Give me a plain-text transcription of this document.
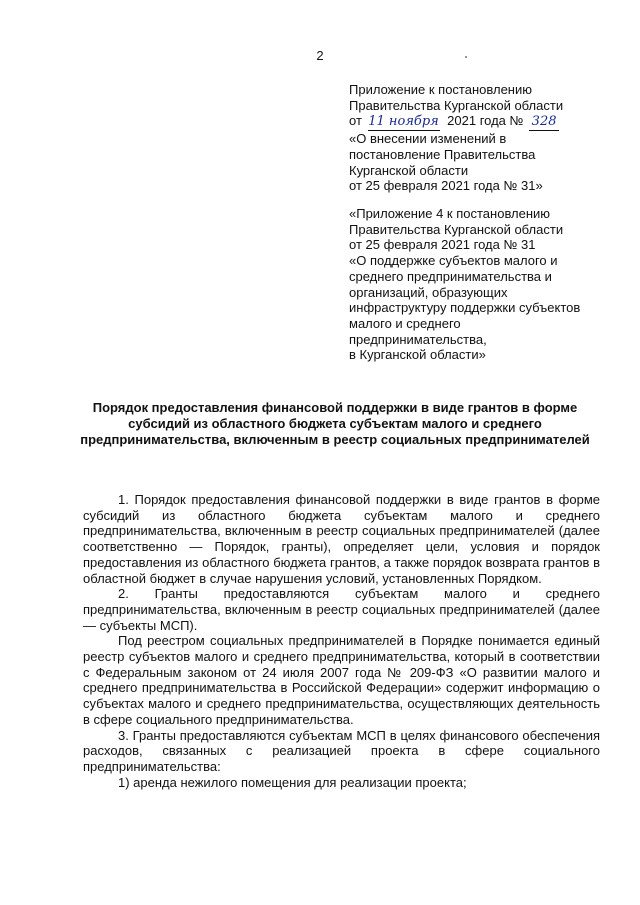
2
Приложение к постановлению
Правительства Курганской области
от 11 ноября 2021 года № 328
«О внесении изменений в
постановление Правительства
Курганской области
от 25 февраля 2021 года № 31»
«Приложение 4 к постановлению
Правительства Курганской области
от 25 февраля 2021 года № 31
«О поддержке субъектов малого и
среднего предпринимательства и
организаций, образующих
инфраструктуру поддержки субъектов
малого и среднего
предпринимательства,
в Курганской области»
Порядок предоставления финансовой поддержки в виде грантов в форме субсидий из областного бюджета субъектам малого и среднего предпринимательства, включенным в реестр социальных предпринимателей

1. Порядок предоставления финансовой поддержки в виде грантов в форме субсидий из областного бюджета субъектам малого и среднего предпринимательства, включенным в реестр социальных предпринимателей (далее соответственно — Порядок, гранты), определяет цели, условия и порядок предоставления из областного бюджета грантов, а также порядок возврата грантов в областной бюджет в случае нарушения условий, установленных Порядком.

2. Гранты предоставляются субъектам малого и среднего предпринимательства, включенным в реестр социальных предпринимателей (далее — субъекты МСП).

Под реестром социальных предпринимателей в Порядке понимается единый реестр субъектов малого и среднего предпринимательства, который в соответствии с Федеральным законом от 24 июля 2007 года № 209-ФЗ «О развитии малого и среднего предпринимательства в Российской Федерации» содержит информацию о субъектах малого и среднего предпринимательства, осуществляющих деятельность в сфере социального предпринимательства.

3. Гранты предоставляются субъектам МСП в целях финансового обеспечения расходов, связанных с реализацией проекта в сфере социального предпринимательства:

1) аренда нежилого помещения для реализации проекта;
